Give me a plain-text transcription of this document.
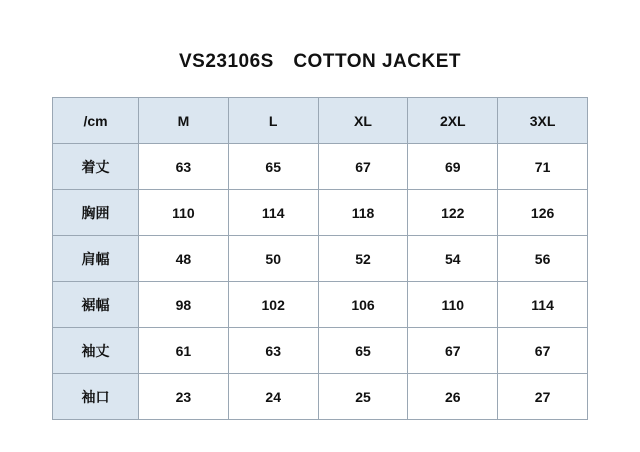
VS23106S　COTTON JACKET
/cm	M	L	XL	2XL	3XL
着丈	63	65	67	69	71
胸囲	110	114	118	122	126
肩幅	48	50	52	54	56
裾幅	98	102	106	110	114
袖丈	61	63	65	67	67
袖口	23	24	25	26	27
